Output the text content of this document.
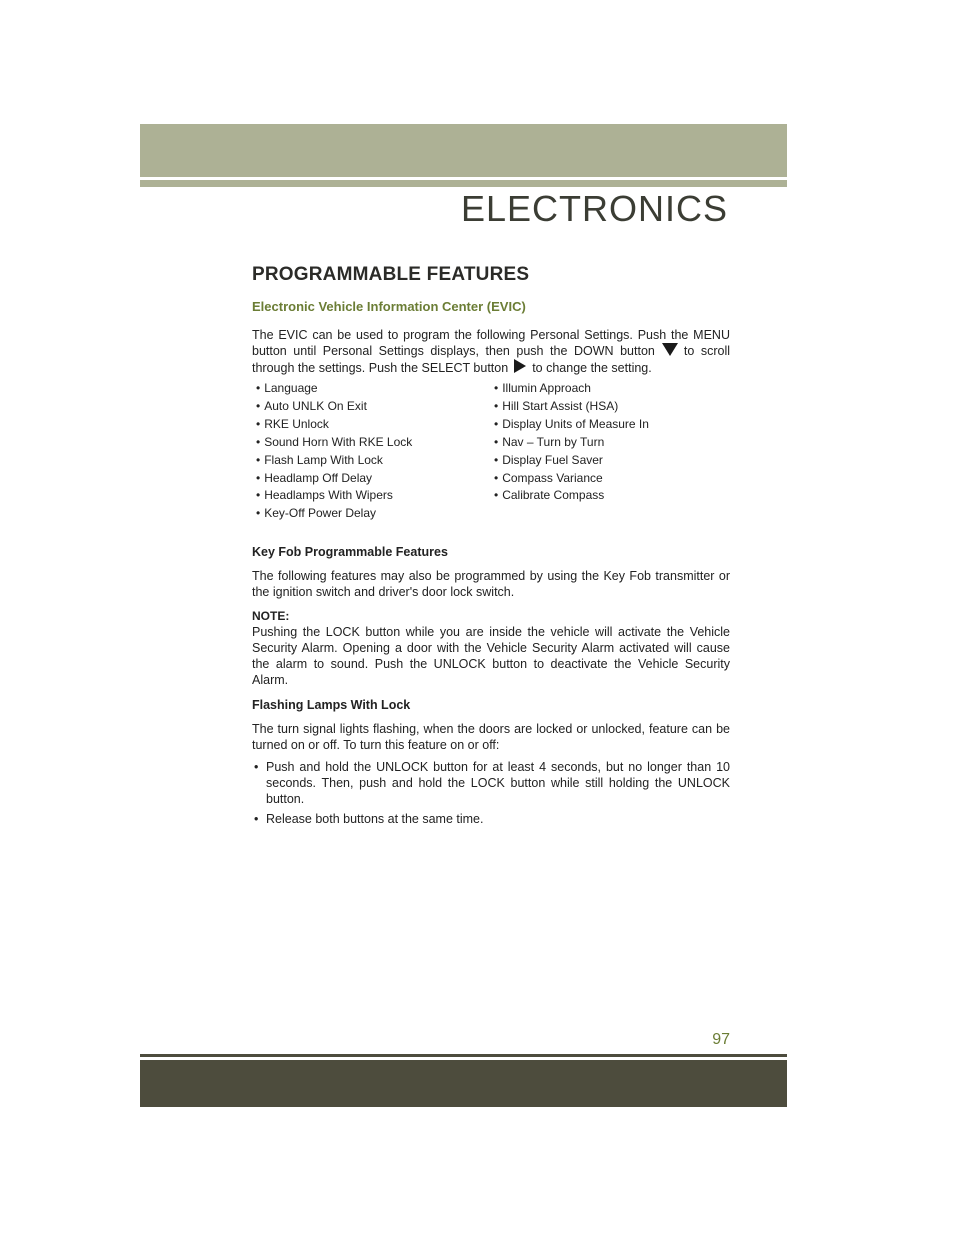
ELECTRONICS
PROGRAMMABLE FEATURES
Electronic Vehicle Information Center (EVIC)

The EVIC can be used to program the following Personal Settings. Push the MENU button until Personal Settings displays, then push the DOWN button to scroll through the settings. Push the SELECT button to change the setting.

• Language
• Auto UNLK On Exit
• RKE Unlock
• Sound Horn With RKE Lock
• Flash Lamp With Lock
• Headlamp Off Delay
• Headlamps With Wipers
• Key-Off Power Delay
• Illumin Approach
• Hill Start Assist (HSA)
• Display Units of Measure In
• Nav – Turn by Turn
• Display Fuel Saver
• Compass Variance
• Calibrate Compass
Key Fob Programmable Features

The following features may also be programmed by using the Key Fob transmitter or the ignition switch and driver's door lock switch.

NOTE:

Pushing the LOCK button while you are inside the vehicle will activate the Vehicle Security Alarm. Opening a door with the Vehicle Security Alarm activated will cause the alarm to sound. Push the UNLOCK button to deactivate the Vehicle Security Alarm.

Flashing Lamps With Lock

The turn signal lights flashing, when the doors are locked or unlocked, feature can be turned on or off. To turn this feature on or off:

• Push and hold the UNLOCK button for at least 4 seconds, but no longer than 10 seconds. Then, push and hold the LOCK button while still holding the UNLOCK button.
• Release both buttons at the same time.
97
